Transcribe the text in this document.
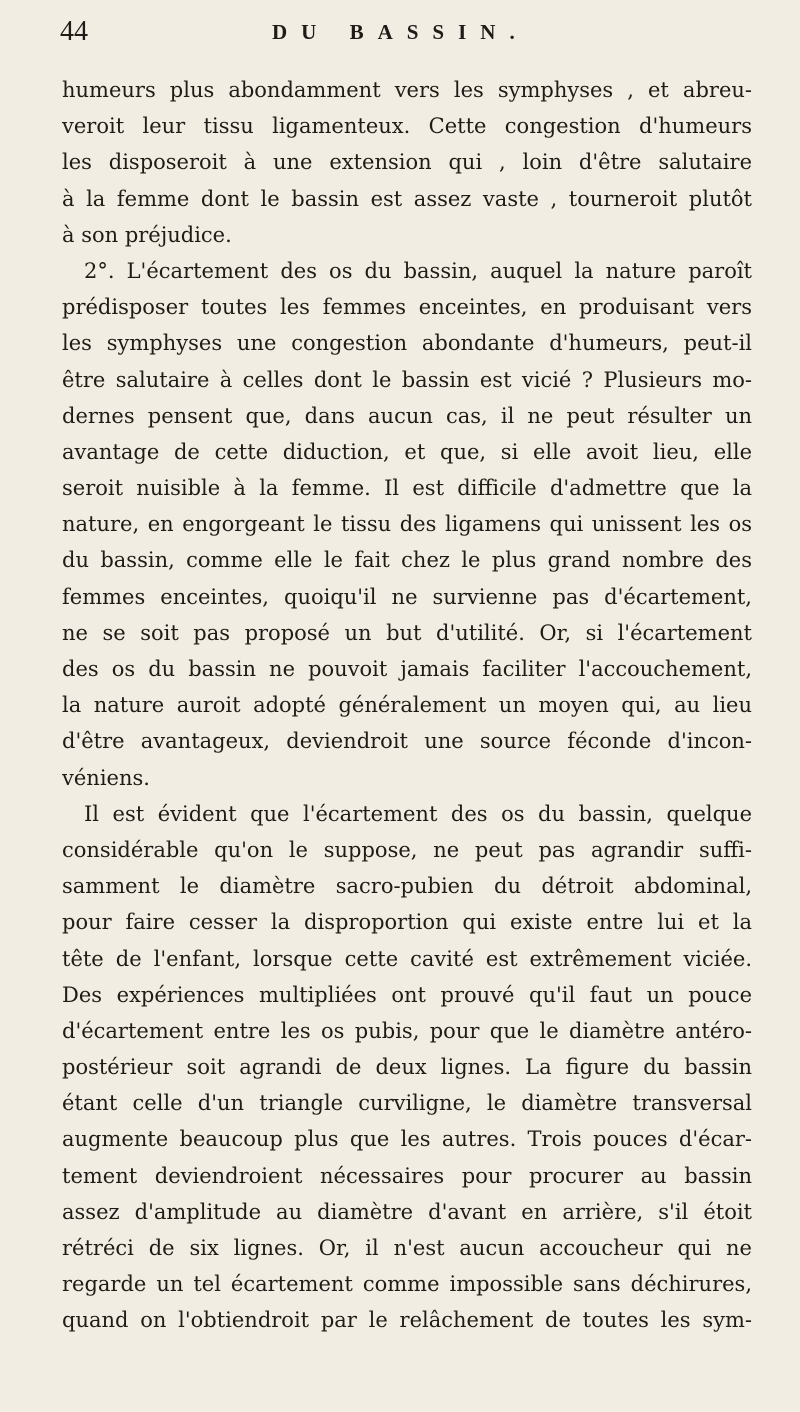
44	DU BASSIN.
humeurs plus abondamment vers les symphyses , et abreu-
veroit leur tissu ligamenteux. Cette congestion d'humeurs
les disposeroit à une extension qui , loin d'être salutaire
à la femme dont le bassin est assez vaste , tourneroit plutôt
à son préjudice.
2°. L'écartement des os du bassin, auquel la nature paroît
prédisposer toutes les femmes enceintes, en produisant vers
les symphyses une congestion abondante d'humeurs, peut-il
être salutaire à celles dont le bassin est vicié ? Plusieurs mo-
dernes pensent que, dans aucun cas, il ne peut résulter un
avantage de cette diduction, et que, si elle avoit lieu, elle
seroit nuisible à la femme. Il est difficile d'admettre que la
nature, en engorgeant le tissu des ligamens qui unissent les os
du bassin, comme elle le fait chez le plus grand nombre des
femmes enceintes, quoiqu'il ne survienne pas d'écartement,
ne se soit pas proposé un but d'utilité. Or, si l'écartement
des os du bassin ne pouvoit jamais faciliter l'accouchement,
la nature auroit adopté généralement un moyen qui, au lieu
d'être avantageux, deviendroit une source féconde d'incon-
véniens.
Il est évident que l'écartement des os du bassin, quelque
considérable qu'on le suppose, ne peut pas agrandir suffi-
samment le diamètre sacro-pubien du détroit abdominal,
pour faire cesser la disproportion qui existe entre lui et la
tête de l'enfant, lorsque cette cavité est extrêmement viciée.
Des expériences multipliées ont prouvé qu'il faut un pouce
d'écartement entre les os pubis, pour que le diamètre antéro-
postérieur soit agrandi de deux lignes. La figure du bassin
étant celle d'un triangle curviligne, le diamètre transversal
augmente beaucoup plus que les autres. Trois pouces d'écar-
tement deviendroient nécessaires pour procurer au bassin
assez d'amplitude au diamètre d'avant en arrière, s'il étoit
rétréci de six lignes. Or, il n'est aucun accoucheur qui ne
regarde un tel écartement comme impossible sans déchirures,
quand on l'obtiendroit par le relâchement de toutes les sym-
